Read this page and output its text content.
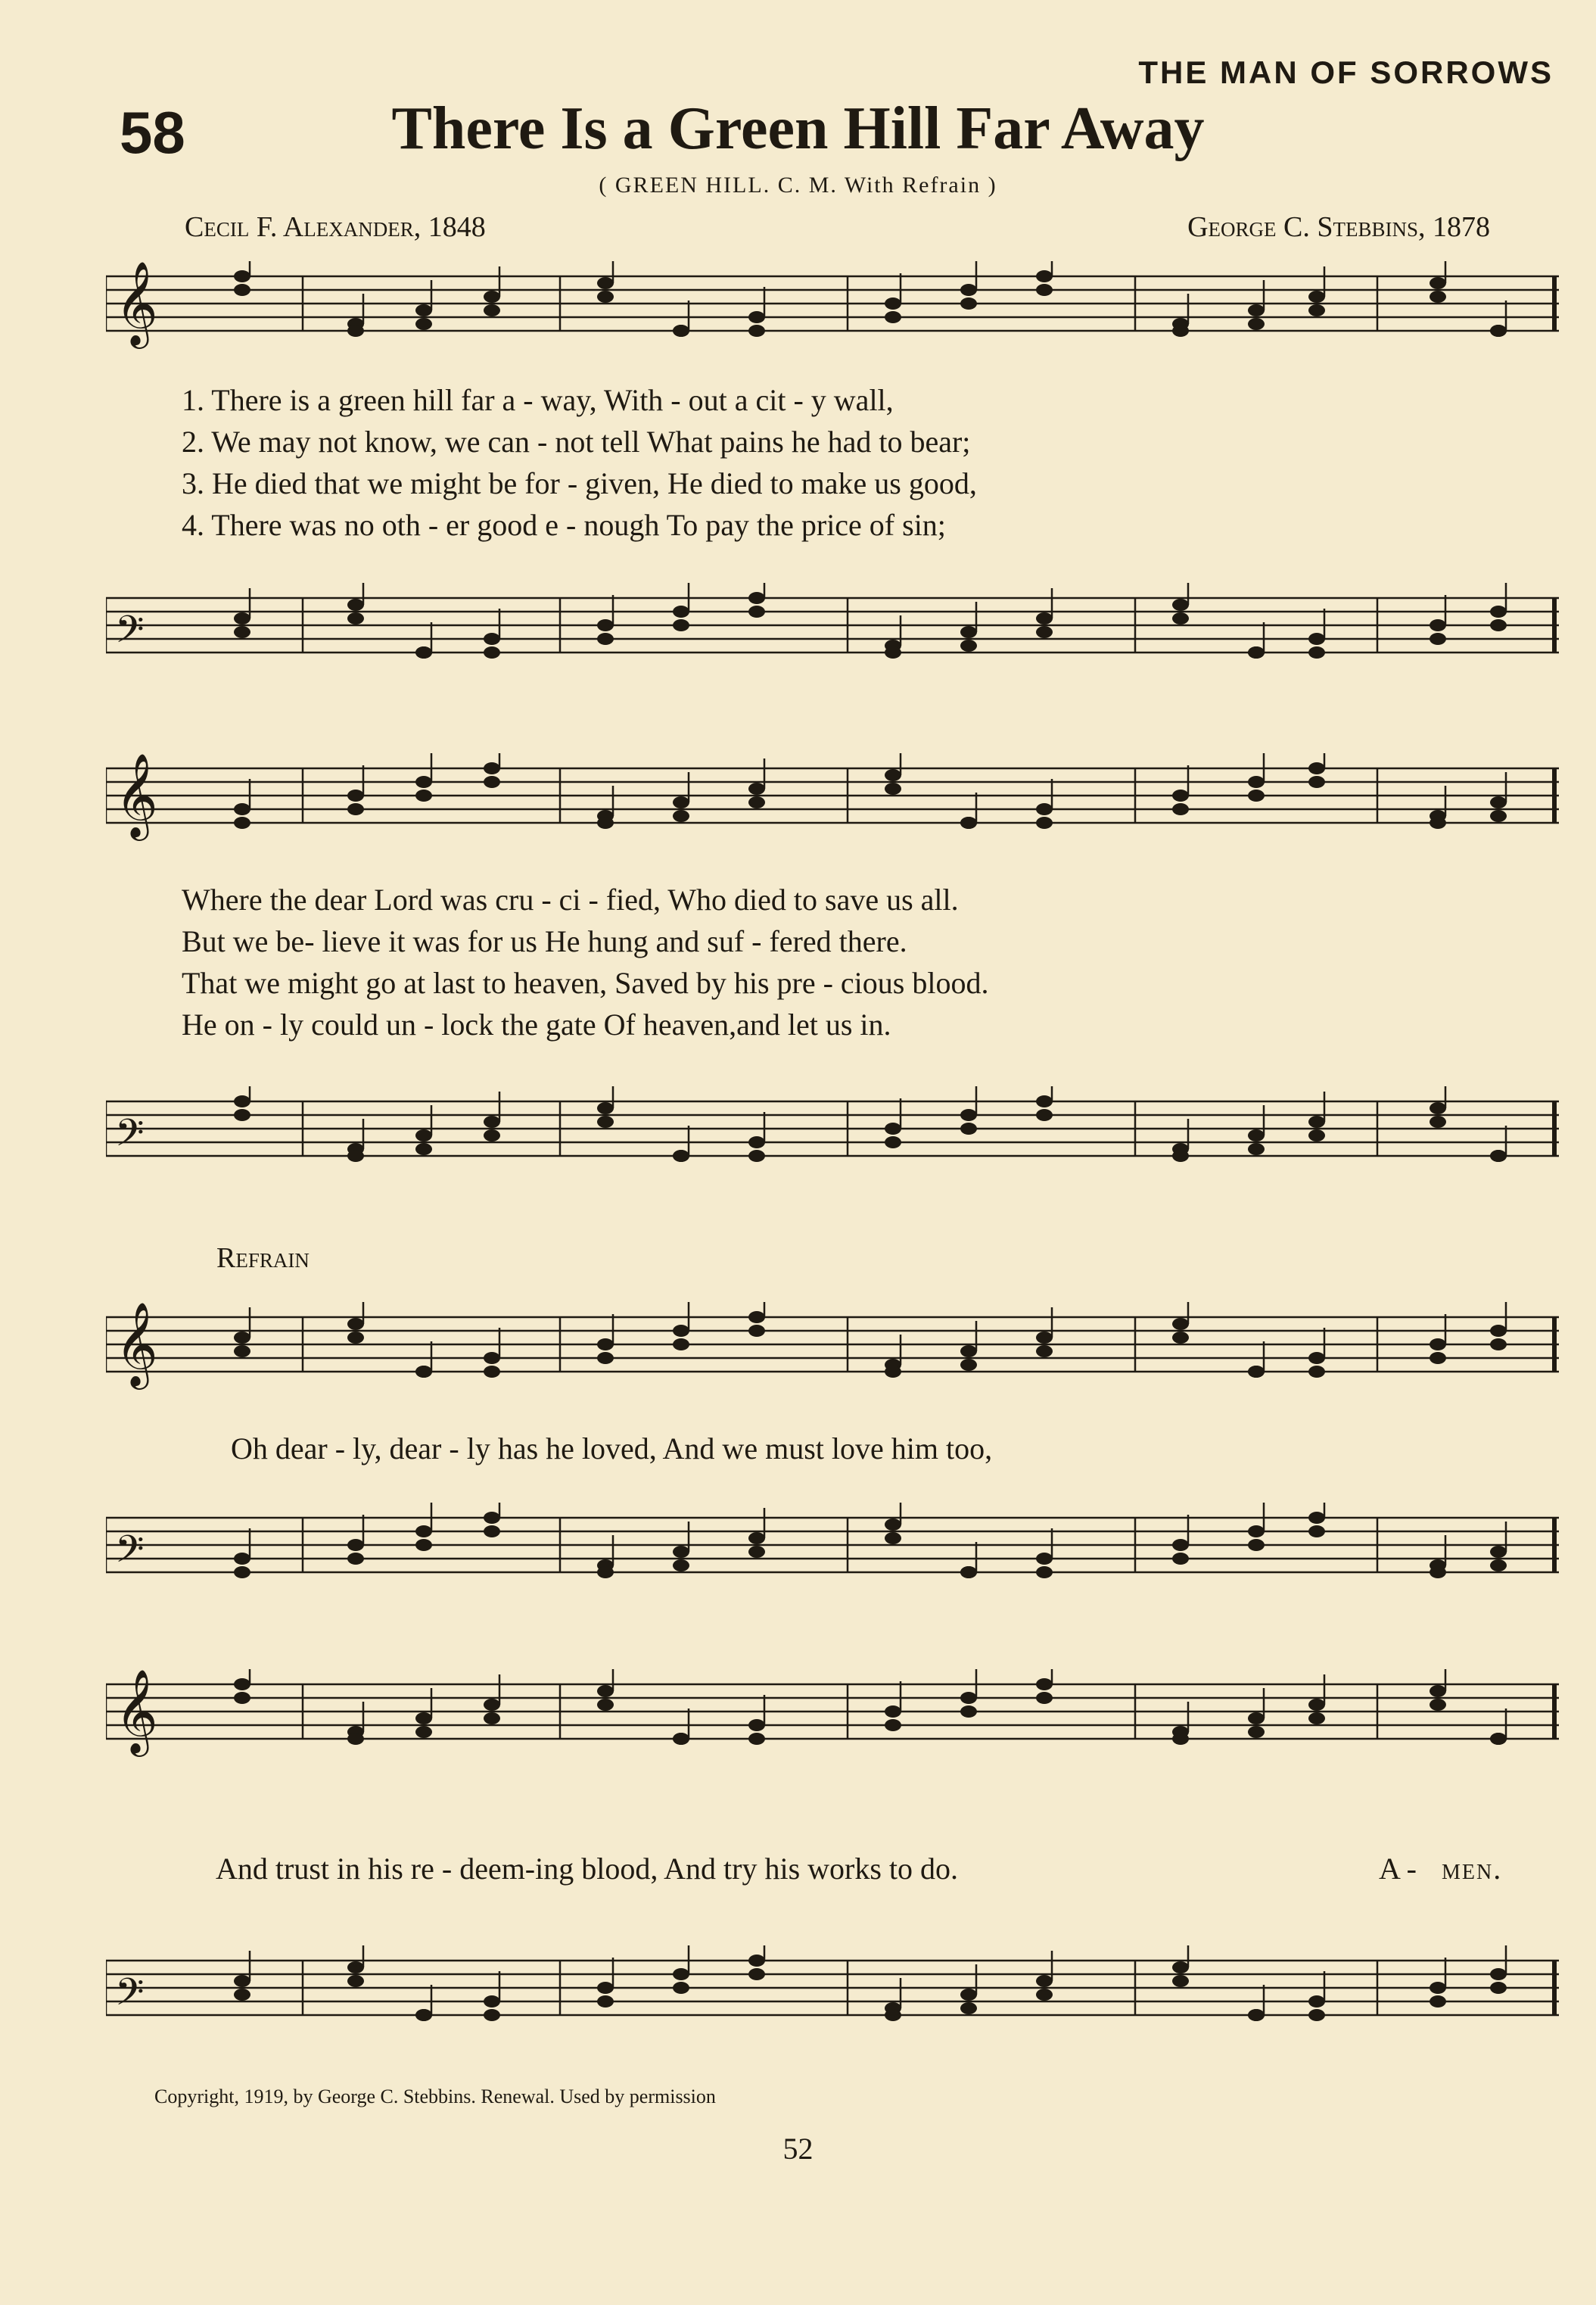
THE MAN OF SORROWS
58	There Is a Green Hill Far Away
( GREEN HILL. C. M. With Refrain )
Cecil F. Alexander, 1848	George C. Stebbins, 1878
𝄞
𝄢
𝄞
𝄢
𝄞
𝄢
𝄞
𝄢
1. There is a green hill far a - way, With - out a cit - y wall,
2. We may not know, we can - not tell What pains he had to bear;
3. He died that we might be for - given, He died to make us good,
4. There was no oth - er good e - nough To pay the price of sin;
Where the dear Lord was cru - ci - fied, Who died to save us all.
But we be- lieve it was for us He hung and suf - fered there.
That we might go at last to heaven, Saved by his pre - cious blood.
He on - ly could un - lock the gate Of heaven,and let us in.
Refrain
Oh dear - ly, dear - ly has he loved, And we must love him too,
And trust in his re - deem-ing blood, And try his works to do.	A - men.
Copyright, 1919, by George C. Stebbins. Renewal. Used by permission
52
